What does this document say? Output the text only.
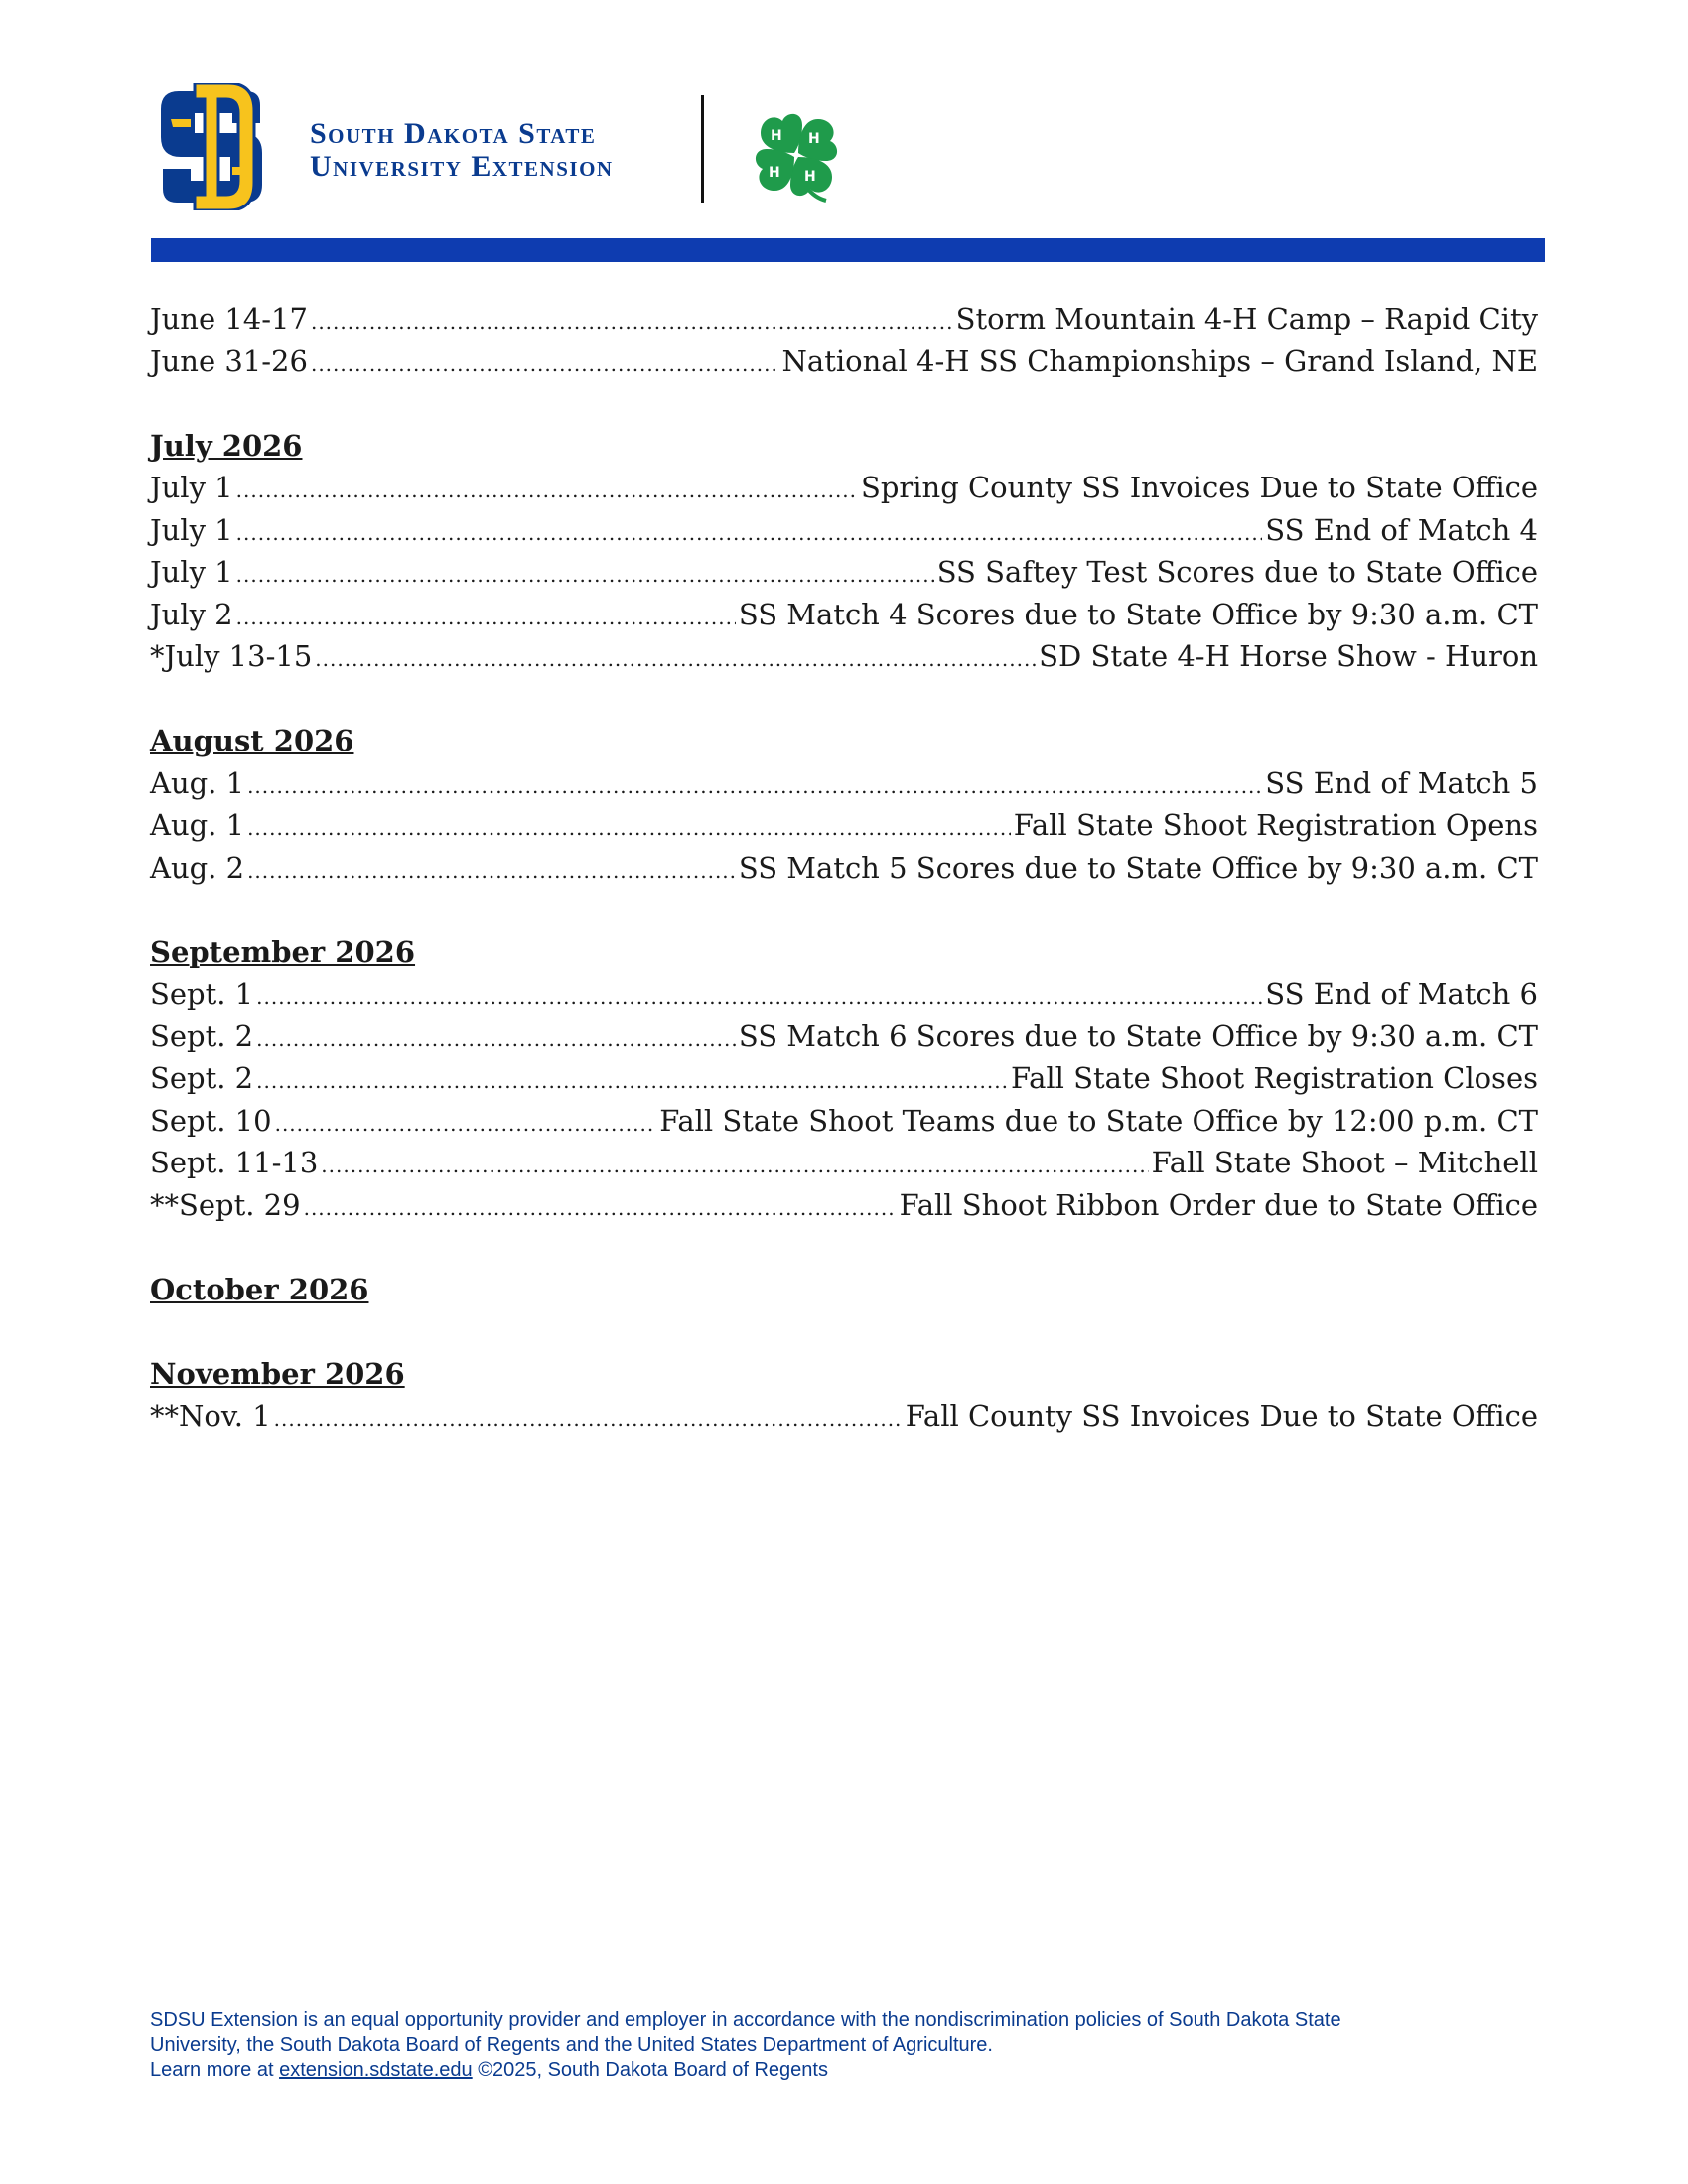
South Dakota State
University Extension
H H
H
H
June 14-17 .....	Storm Mountain 4-H Camp – Rapid City
June 31-26 .....	National 4-H SS Championships – Grand Island, NE
July 2026
July 1 .....	Spring County SS Invoices Due to State Office
July 1 .....	SS End of Match 4
July 1 .....	SS Saftey Test Scores due to State Office
July 2 .....	SS Match 4 Scores due to State Office by 9:30 a.m. CT
*July 13-15 .....	SD State 4-H Horse Show - Huron
August 2026
Aug. 1 .....	SS End of Match 5
Aug. 1 .....	Fall State Shoot Registration Opens
Aug. 2 .....	SS Match 5 Scores due to State Office by 9:30 a.m. CT
September 2026
Sept. 1 .....	SS End of Match 6
Sept. 2 .....	SS Match 6 Scores due to State Office by 9:30 a.m. CT
Sept. 2 .....	Fall State Shoot Registration Closes
Sept. 10 .....	Fall State Shoot Teams due to State Office by 12:00 p.m. CT
Sept. 11-13 .....	Fall State Shoot – Mitchell
**Sept. 29 .....	Fall Shoot Ribbon Order due to State Office
October 2026
November 2026
**Nov. 1 .....	Fall County SS Invoices Due to State Office
SDSU Extension is an equal opportunity provider and employer in accordance with the nondiscrimination policies of South Dakota State
University, the South Dakota Board of Regents and the United States Department of Agriculture.
Learn more at extension.sdstate.edu ©2025, South Dakota Board of Regents
